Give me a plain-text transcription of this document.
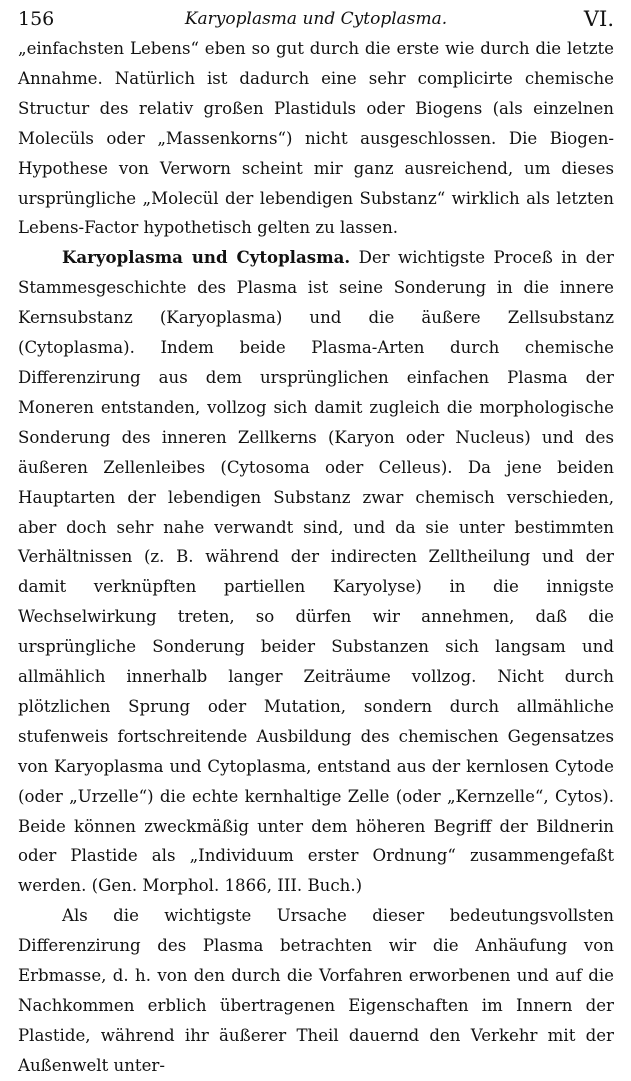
156	Karyoplasma und Cytoplasma.	VI.

„einfachsten Lebens“ eben so gut durch die erste wie durch die letzte Annahme. Natürlich ist dadurch eine sehr complicirte chemische Structur des relativ großen Plastiduls oder Biogens (als einzelnen Molecüls oder „Massenkorns“) nicht ausgeschlossen. Die Biogen-Hypothese von Verworn scheint mir ganz ausreichend, um dieses ursprüngliche „Molecül der lebendigen Substanz“ wirklich als letzten Lebens-Factor hypothetisch gelten zu lassen.

Karyoplasma und Cytoplasma. Der wichtigste Proceß in der Stammesgeschichte des Plasma ist seine Sonderung in die innere Kernsubstanz (Karyoplasma) und die äußere Zellsubstanz (Cytoplasma). Indem beide Plasma-Arten durch chemische Differenzirung aus dem ursprünglichen einfachen Plasma der Moneren entstanden, vollzog sich damit zugleich die morphologische Sonderung des inneren Zellkerns (Karyon oder Nucleus) und des äußeren Zellenleibes (Cytosoma oder Celleus). Da jene beiden Hauptarten der lebendigen Substanz zwar chemisch verschieden, aber doch sehr nahe verwandt sind, und da sie unter bestimmten Verhältnissen (z. B. während der indirecten Zelltheilung und der damit verknüpften partiellen Karyolyse) in die innigste Wechselwirkung treten, so dürfen wir annehmen, daß die ursprüngliche Sonderung beider Substanzen sich langsam und allmählich innerhalb langer Zeiträume vollzog. Nicht durch plötzlichen Sprung oder Mutation, sondern durch allmähliche stufenweis fortschreitende Ausbildung des chemischen Gegensatzes von Karyoplasma und Cytoplasma, entstand aus der kernlosen Cytode (oder „Urzelle“) die echte kernhaltige Zelle (oder „Kernzelle“, Cytos). Beide können zweckmäßig unter dem höheren Begriff der Bildnerin oder Plastide als „Individuum erster Ordnung“ zusammengefaßt werden. (Gen. Morphol. 1866, III. Buch.)

Als die wichtigste Ursache dieser bedeutungsvollsten Differenzirung des Plasma betrachten wir die Anhäufung von Erbmasse, d. h. von den durch die Vorfahren erworbenen und auf die Nachkommen erblich übertragenen Eigenschaften im Innern der Plastide, während ihr äußerer Theil dauernd den Verkehr mit der Außenwelt unter-
